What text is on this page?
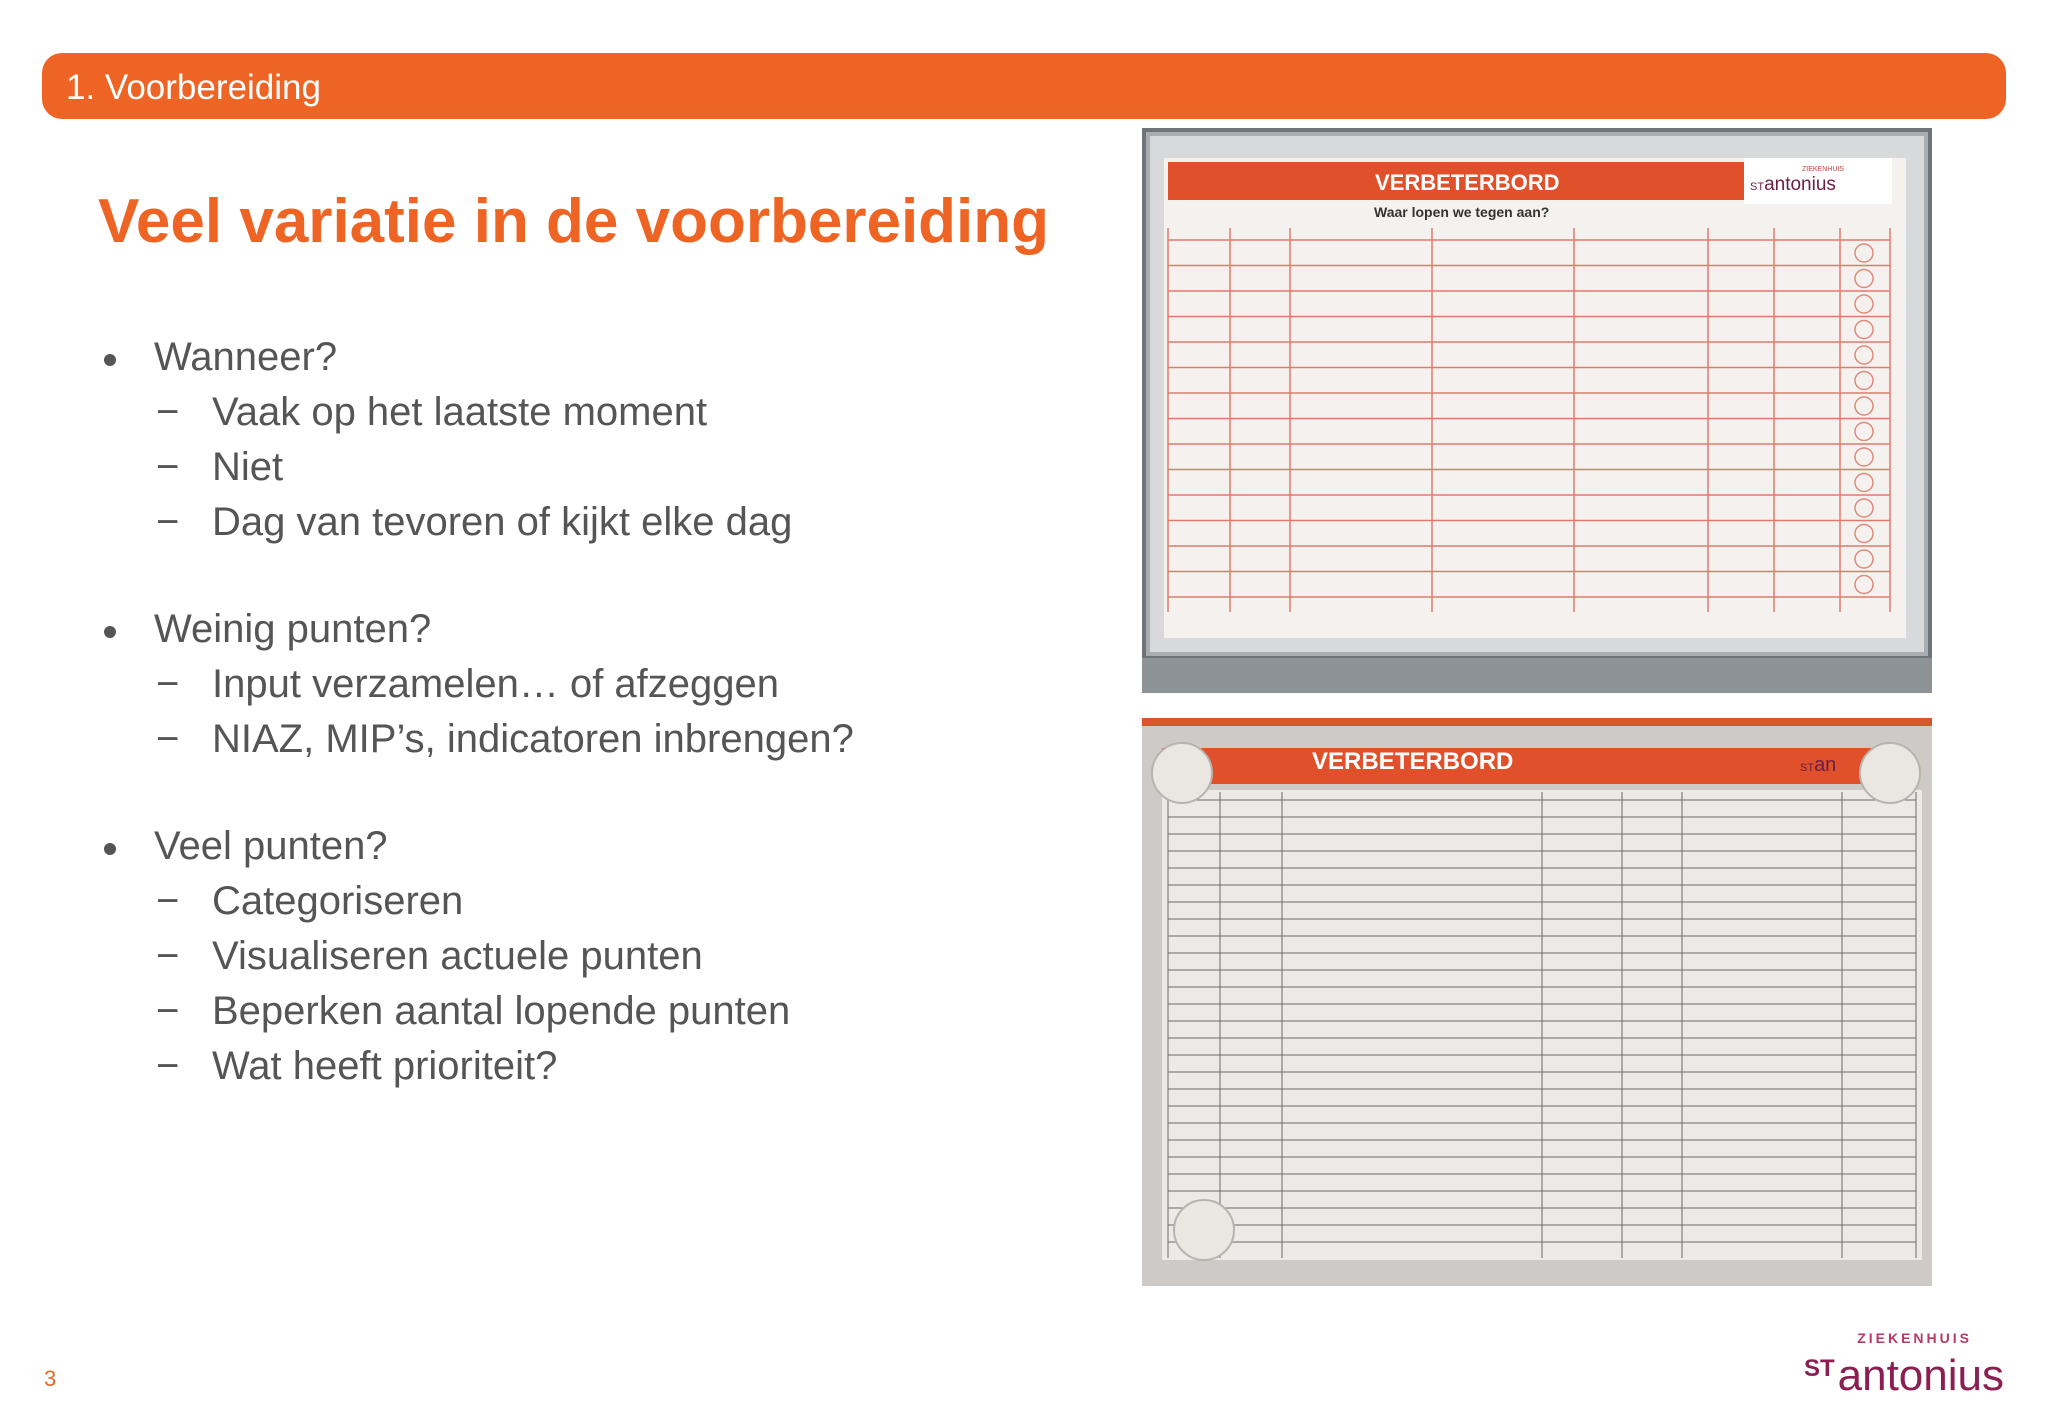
1. Voorbereiding
Veel variatie in de voorbereiding
Wanneer?
− Vaak op het laatste moment
− Niet
− Dag van tevoren of kijkt elke dag
Weinig punten?
− Input verzamelen… of afzeggen
− NIAZ, MIP’s, indicatoren inbrengen?
Veel punten?
− Categoriseren
− Visualiseren actuele punten
− Beperken aantal lopende punten
− Wat heeft prioriteit?
VERBETERBORD
Waar lopen we tegen aan?
ZIEKENHUIS
STantonius
VERBETERBORD	STan
3
ZIEKENHUIS
$^{ST}$antonius
